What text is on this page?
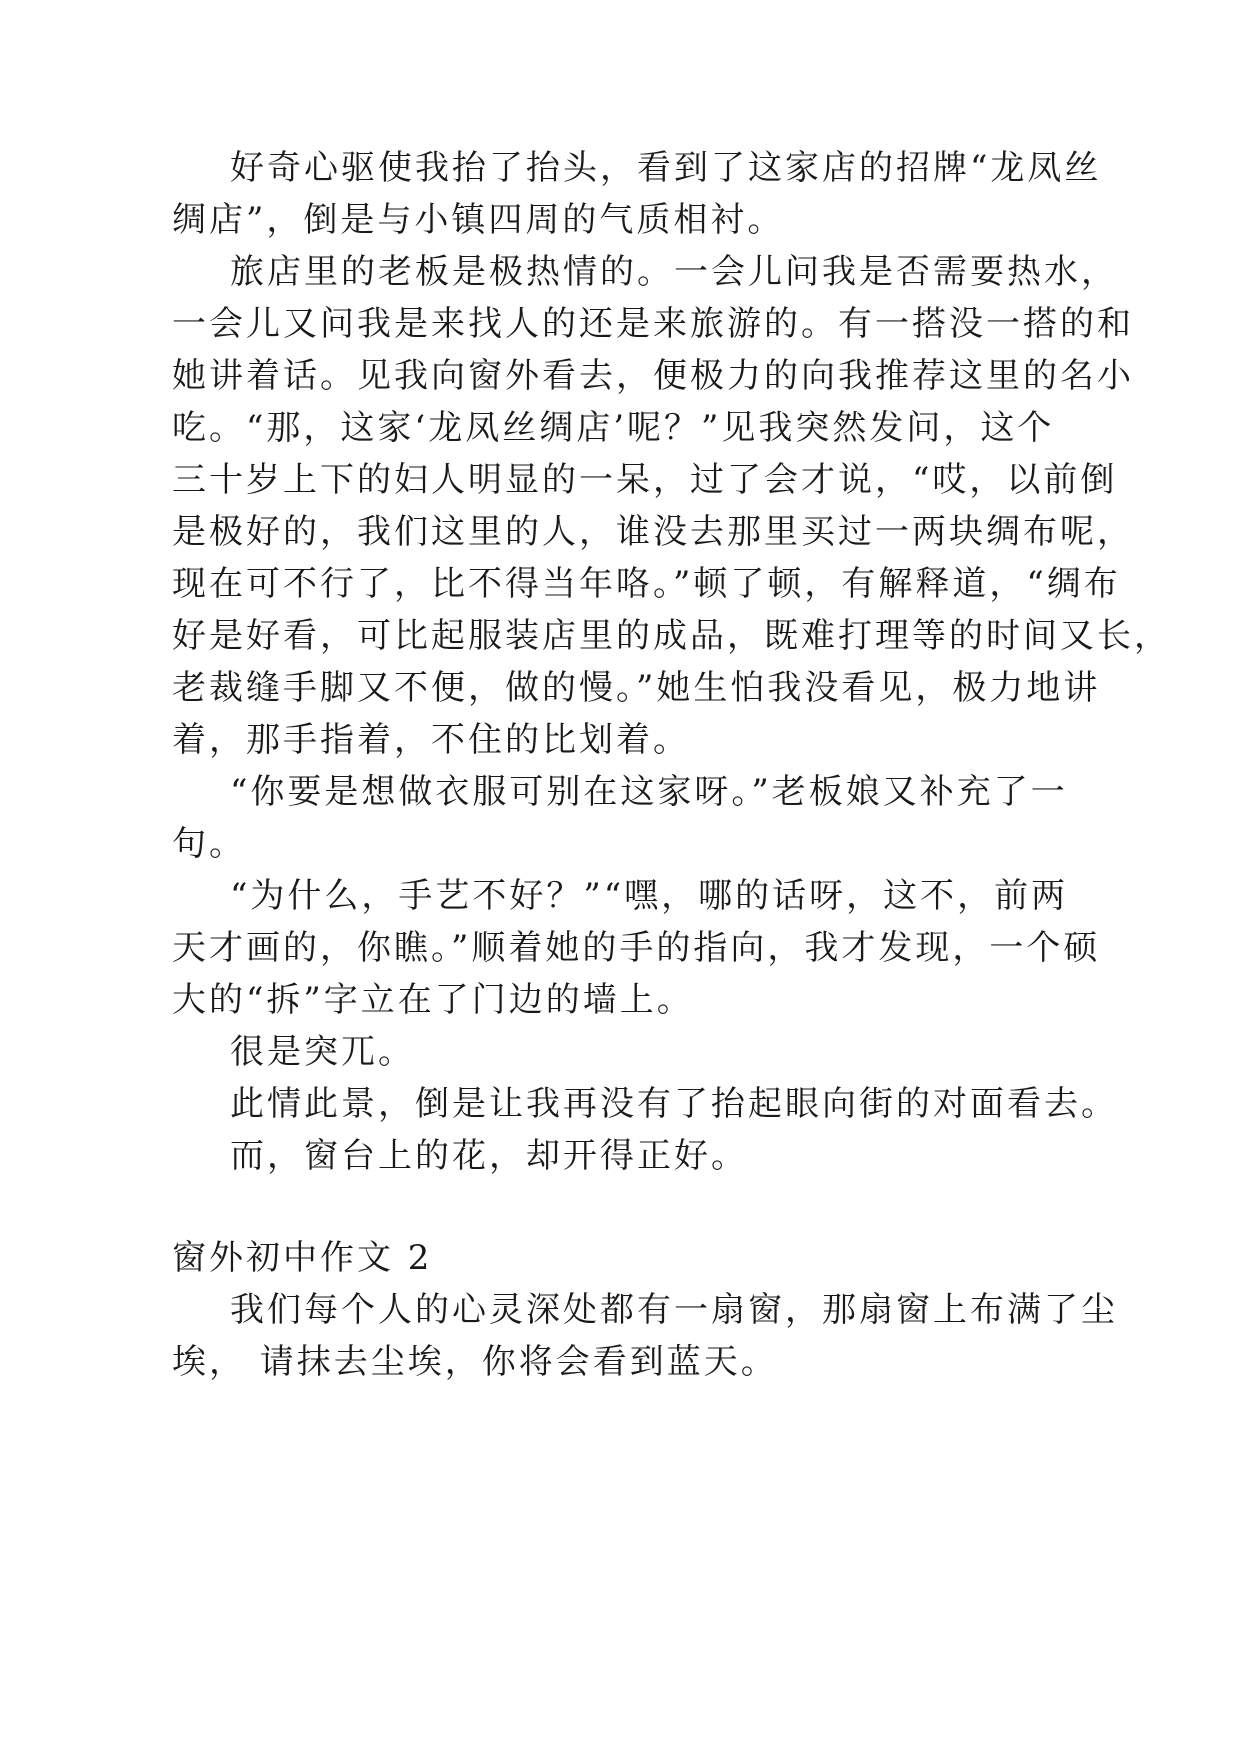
好奇心驱使我抬了抬头，看到了这家店的招牌“龙凤丝
绸店”，倒是与小镇四周的气质相衬。
旅店里的老板是极热情的。一会儿问我是否需要热水，
一会儿又问我是来找人的还是来旅游的。有一搭没一搭的和
她讲着话。见我向窗外看去，便极力的向我推荐这里的名小
吃。“那，这家‘龙凤丝绸店’呢？”见我突然发问，这个
三十岁上下的妇人明显的一呆，过了会才说，“哎，以前倒
是极好的，我们这里的人，谁没去那里买过一两块绸布呢，
现在可不行了，比不得当年咯。”顿了顿，有解释道，“绸布
好是好看，可比起服装店里的成品，既难打理等的时间又长，
老裁缝手脚又不便，做的慢。”她生怕我没看见，极力地讲
着，那手指着，不住的比划着。
“你要是想做衣服可别在这家呀。”老板娘又补充了一
句。
“为什么，手艺不好？”“嘿，哪的话呀，这不，前两
天才画的，你瞧。”顺着她的手的指向，我才发现，一个硕
大的“拆”字立在了门边的墙上。
很是突兀。
此情此景，倒是让我再没有了抬起眼向街的对面看去。
而，窗台上的花，却开得正好。
窗外初中作文 2
我们每个人的心灵深处都有一扇窗，那扇窗上布满了尘
埃， 请抹去尘埃，你将会看到蓝天。
